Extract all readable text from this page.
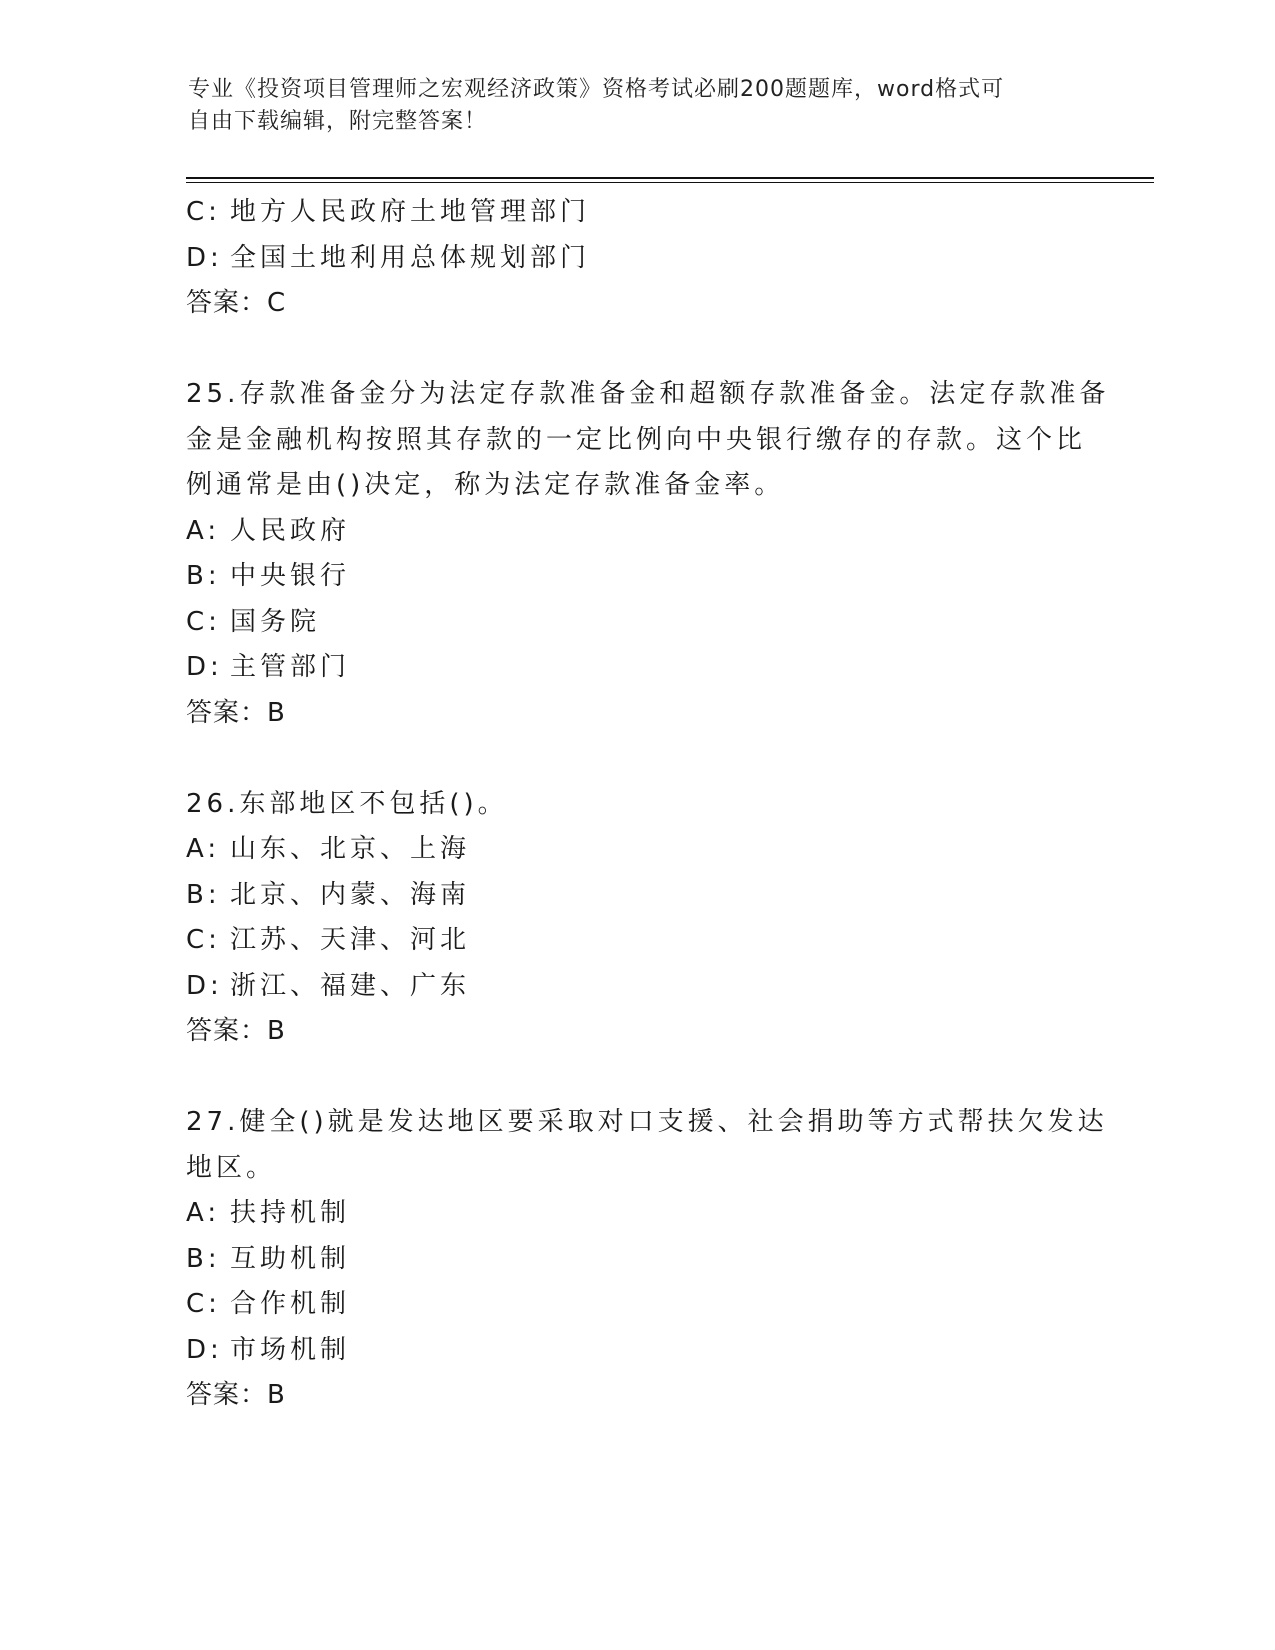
专业《投资项目管理师之宏观经济政策》资格考试必刷200题题库，word格式可
自由下载编辑，附完整答案！
C: 地方人民政府土地管理部门
D: 全国土地利用总体规划部门
答案：C
25.存款准备金分为法定存款准备金和超额存款准备金。法定存款准备
金是金融机构按照其存款的一定比例向中央银行缴存的存款。这个比
例通常是由()决定，称为法定存款准备金率。
A: 人民政府
B: 中央银行
C: 国务院
D: 主管部门
答案：B
26.东部地区不包括()。
A: 山东、北京、上海
B: 北京、内蒙、海南
C: 江苏、天津、河北
D: 浙江、福建、广东
答案：B
27.健全()就是发达地区要采取对口支援、社会捐助等方式帮扶欠发达
地区。
A: 扶持机制
B: 互助机制
C: 合作机制
D: 市场机制
答案：B
